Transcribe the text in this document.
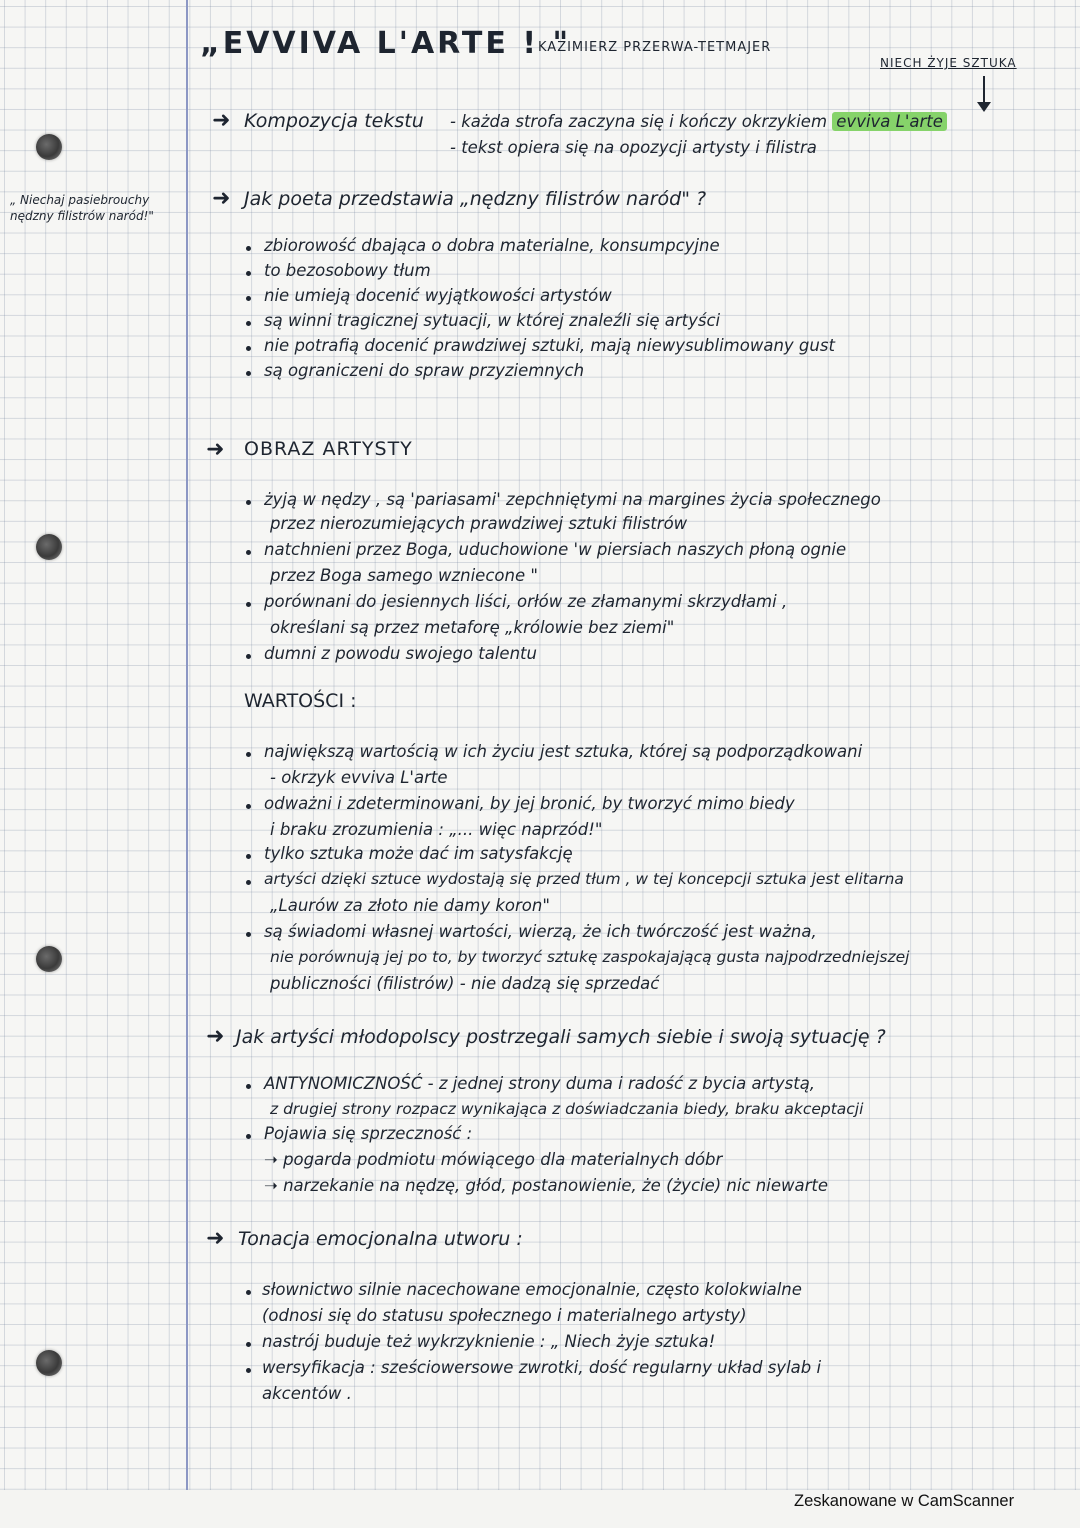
„EVVIVA L'ARTE ! "
KAZIMIERZ PRZERWA-TETMAJER
NIECH ŻYJE SZTUKA
„ Niechaj pasiebrouchy nędzny filistrów naród!"
➜ Kompozycja tekstu - każda strofa zaczyna się i kończy okrzykiem evviva L'arte
- tekst opiera się na opozycji artysty i filistra
➜ Jak poeta przedstawia „nędzny filistrów naród" ?
zbiorowość dbająca o dobra materialne, konsumpcyjne
to bezosobowy tłum
nie umieją docenić wyjątkowości artystów
są winni tragicznej sytuacji, w której znaleźli się artyści
nie potrafią docenić prawdziwej sztuki, mają niewysublimowany gust
są ograniczeni do spraw przyziemnych
➜ OBRAZ ARTYSTY
żyją w nędzy , są 'pariasami' zepchniętymi na margines życia społecznego
przez nierozumiejących prawdziwej sztuki filistrów
natchnieni przez Boga, uduchowione 'w piersiach naszych płoną ognie
przez Boga samego wzniecone "
porównani do jesiennych liści, orłów ze złamanymi skrzydłami ,
określani są przez metaforę „królowie bez ziemi"
dumni z powodu swojego talentu
WARTOŚCI :
największą wartością w ich życiu jest sztuka, której są podporządkowani
- okrzyk evviva L'arte
odważni i zdeterminowani, by jej bronić, by tworzyć mimo biedy
i braku zrozumienia : „... więc naprzód!"
tylko sztuka może dać im satysfakcję
artyści dzięki sztuce wydostają się przed tłum , w tej koncepcji sztuka jest elitarna
„Laurów za złoto nie damy koron"
są świadomi własnej wartości, wierzą, że ich twórczość jest ważna,
nie porównują jej po to, by tworzyć sztukę zaspokajającą gusta najpodrzedniejszej
publiczności (filistrów) - nie dadzą się sprzedać
➜ Jak artyści młodopolscy postrzegali samych siebie i swoją sytuację ?
ANTYNOMICZNOŚĆ - z jednej strony duma i radość z bycia artystą,
z drugiej strony rozpacz wynikająca z doświadczania biedy, braku akceptacji
Pojawia się sprzeczność :
➝ pogarda podmiotu mówiącego dla materialnych dóbr
➝ narzekanie na nędzę, głód, postanowienie, że (życie) nic niewarte
➜ Tonacja emocjonalna utworu :
słownictwo silnie nacechowane emocjonalnie, często kolokwialne
(odnosi się do statusu społecznego i materialnego artysty)
nastrój buduje też wykrzyknienie : „ Niech żyje sztuka!
wersyfikacja : sześciowersowe zwrotki, dość regularny układ sylab i
akcentów .
Zeskanowane w CamScanner
